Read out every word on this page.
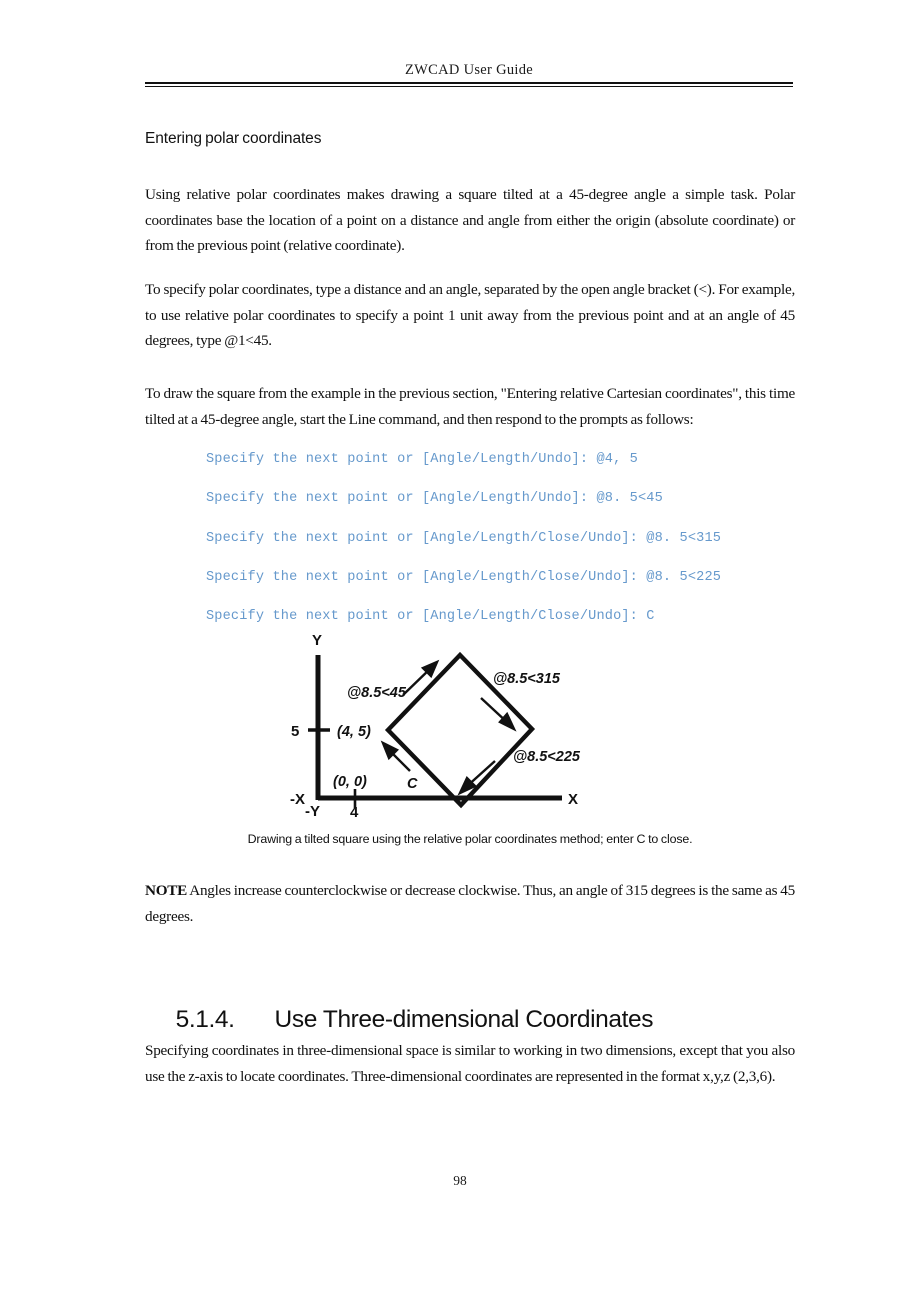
ZWCAD User Guide
Entering polar coordinates

Using relative polar coordinates makes drawing a square tilted at a 45-degree angle a simple task. Polar coordinates base the location of a point on a distance and angle from either the origin (absolute coordinate) or from the previous point (relative coordinate).

To specify polar coordinates, type a distance and an angle, separated by the open angle bracket (<). For example, to use relative polar coordinates to specify a point 1 unit away from the previous point and at an angle of 45 degrees, type @1<45.

To draw the square from the example in the previous section, "Entering relative Cartesian coordinates", this time tilted at a 45-degree angle, start the Line command, and then respond to the prompts as follows:

Specify the next point or [Angle/Length/Undo]: @4, 5
Specify the next point or [Angle/Length/Undo]: @8. 5<45
Specify the next point or [Angle/Length/Close/Undo]: @8. 5<315
Specify the next point or [Angle/Length/Close/Undo]: @8. 5<225
Specify the next point or [Angle/Length/Close/Undo]: C
Y
-Y
X
-X
5
4
(0, 0)
(4, 5)
@8.5<45
@8.5<315
@8.5<225
C
Drawing a tilted square using the relative polar coordinates method; enter C to close.

NOTE Angles increase counterclockwise or decrease clockwise. Thus, an angle of 315 degrees is the same as 45 degrees.

5.1.4. Use Three-dimensional Coordinates

Specifying coordinates in three-dimensional space is similar to working in two dimensions, except that you also use the z-axis to locate coordinates. Three-dimensional coordinates are represented in the format x,y,z (2,3,6).

98
